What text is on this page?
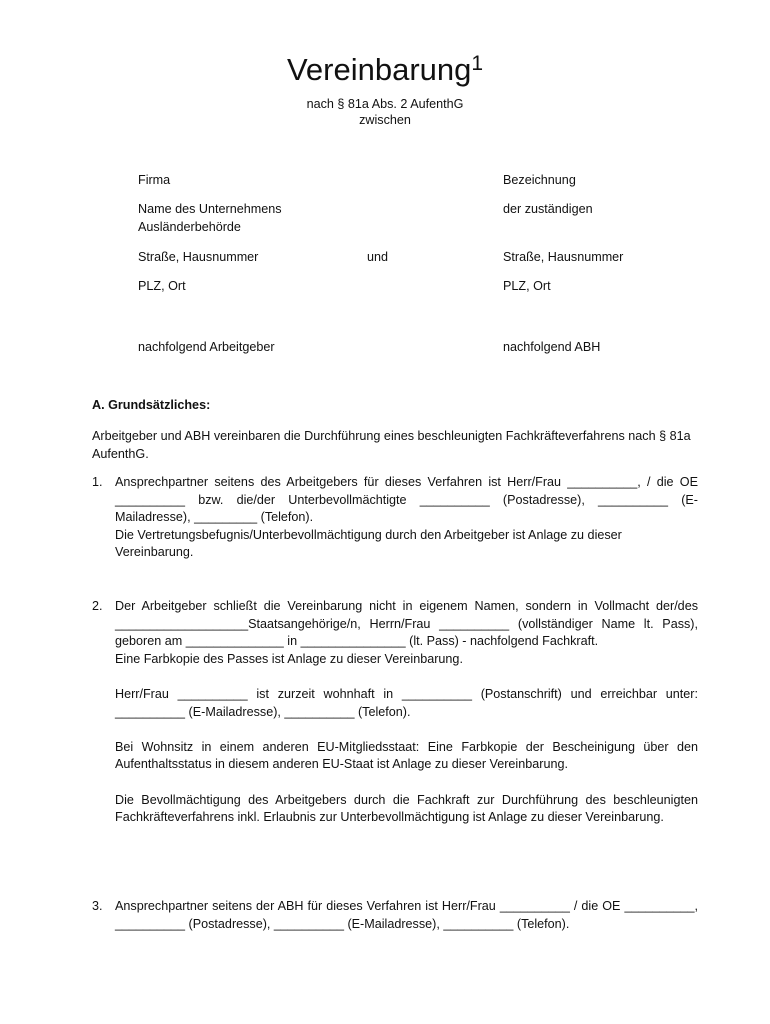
Vereinbarung$^1$
nach § 81a Abs. 2 AufenthG
zwischen
Firma	Bezeichnung
Name des Unternehmens	der zuständigen
Ausländerbehörde
Straße, Hausnummer	und	Straße, Hausnummer
PLZ, Ort	PLZ, Ort
nachfolgend Arbeitgeber	nachfolgend ABH
A. Grundsätzliches:
Arbeitgeber und ABH vereinbaren die Durchführung eines beschleunigten Fachkräfteverfahrens nach § 81a AufenthG.
1. Ansprechpartner seitens des Arbeitgebers für dieses Verfahren ist Herr/Frau __________, / die OE __________ bzw. die/der Unterbevollmächtigte __________ (Postadresse), __________ (E-Mailadresse), _________ (Telefon).

Die Vertretungsbefugnis/Unterbevollmächtigung durch den Arbeitgeber ist Anlage zu dieser Vereinbarung.

2. Der Arbeitgeber schließt die Vereinbarung nicht in eigenem Namen, sondern in Vollmacht der/des ___________________Staatsangehörige/n, Herrn/Frau __________ (vollständiger Name lt. Pass), geboren am ______________ in _______________ (lt. Pass) - nachfolgend Fachkraft.

Eine Farbkopie des Passes ist Anlage zu dieser Vereinbarung.

Herr/Frau __________ ist zurzeit wohnhaft in __________ (Postanschrift) und erreichbar unter: __________ (E-Mailadresse), __________ (Telefon).

Bei Wohnsitz in einem anderen EU-Mitgliedsstaat: Eine Farbkopie der Bescheinigung über den Aufenthaltsstatus in diesem anderen EU-Staat ist Anlage zu dieser Vereinbarung.

Die Bevollmächtigung des Arbeitgebers durch die Fachkraft zur Durchführung des beschleunigten Fachkräfteverfahrens inkl. Erlaubnis zur Unterbevollmächtigung ist Anlage zu dieser Vereinbarung.

3. Ansprechpartner seitens der ABH für dieses Verfahren ist Herr/Frau __________ / die OE __________, __________ (Postadresse), __________ (E-Mailadresse), __________ (Telefon).
